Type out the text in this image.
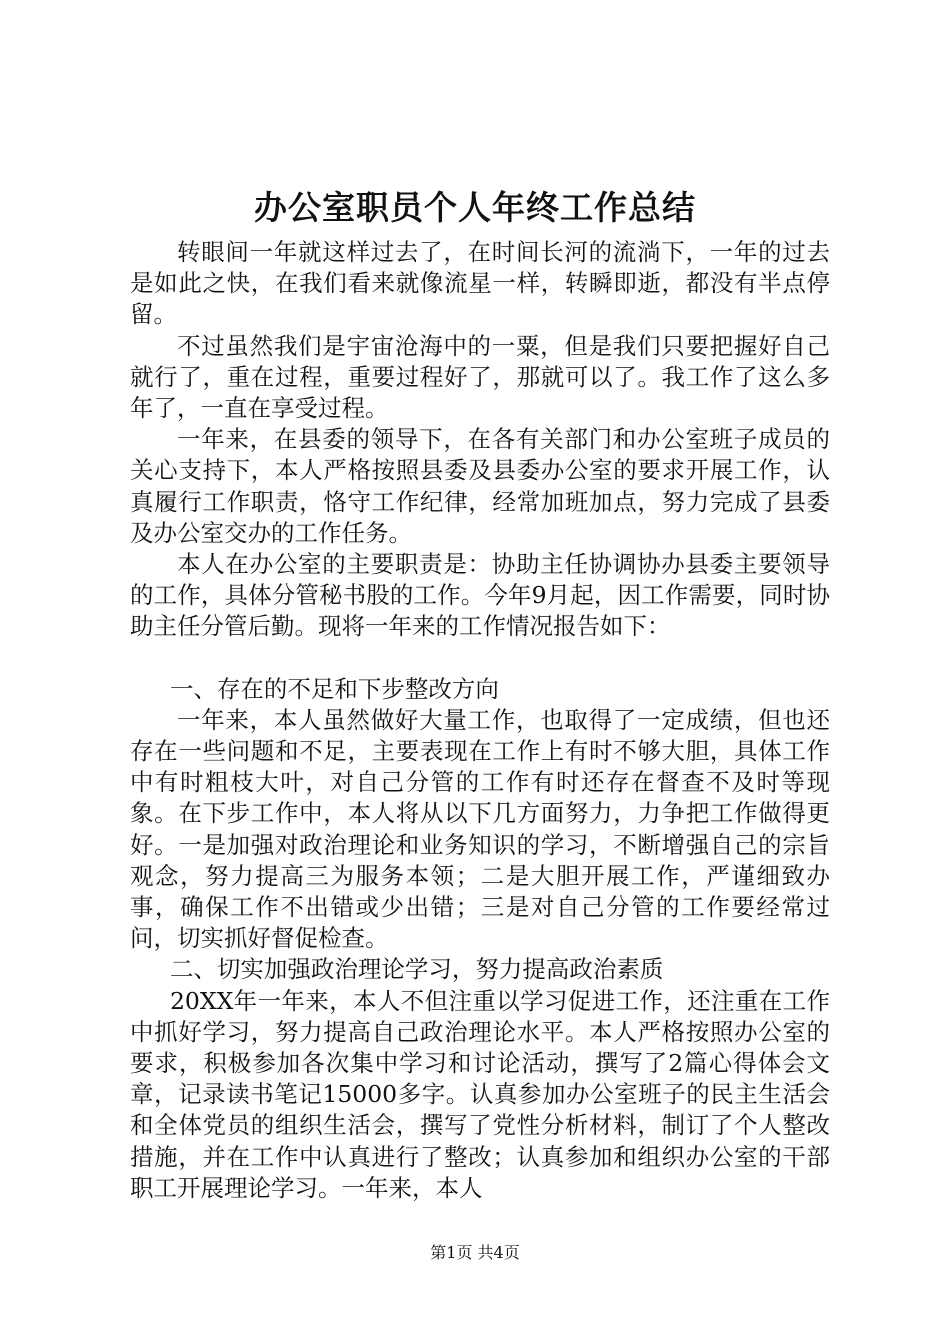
办公室职员个人年终工作总结

转眼间一年就这样过去了，在时间长河的流淌下，一年的过去是如此之快，在我们看来就像流星一样，转瞬即逝，都没有半点停留。

不过虽然我们是宇宙沧海中的一粟，但是我们只要把握好自己就行了，重在过程，重要过程好了，那就可以了。我工作了这么多年了，一直在享受过程。

一年来，在县委的领导下，在各有关部门和办公室班子成员的关心支持下，本人严格按照县委及县委办公室的要求开展工作，认真履行工作职责，恪守工作纪律，经常加班加点，努力完成了县委及办公室交办的工作任务。

本人在办公室的主要职责是：协助主任协调协办县委主要领导的工作，具体分管秘书股的工作。今年9月起，因工作需要，同时协助主任分管后勤。现将一年来的工作情况报告如下：

一、存在的不足和下步整改方向

一年来，本人虽然做好大量工作，也取得了一定成绩，但也还存在一些问题和不足，主要表现在工作上有时不够大胆，具体工作中有时粗枝大叶，对自己分管的工作有时还存在督查不及时等现象。在下步工作中，本人将从以下几方面努力，力争把工作做得更好。一是加强对政治理论和业务知识的学习，不断增强自己的宗旨观念，努力提高三为服务本领；二是大胆开展工作，严谨细致办事，确保工作不出错或少出错；三是对自己分管的工作要经常过问，切实抓好督促检查。

二、切实加强政治理论学习，努力提高政治素质

20XX年一年来，本人不但注重以学习促进工作，还注重在工作中抓好学习，努力提高自己政治理论水平。本人严格按照办公室的要求，积极参加各次集中学习和讨论活动，撰写了2篇心得体会文章，记录读书笔记15000多字。认真参加办公室班子的民主生活会和全体党员的组织生活会，撰写了党性分析材料，制订了个人整改措施，并在工作中认真进行了整改；认真参加和组织办公室的干部职工开展理论学习。一年来，本人

第1页 共4页
